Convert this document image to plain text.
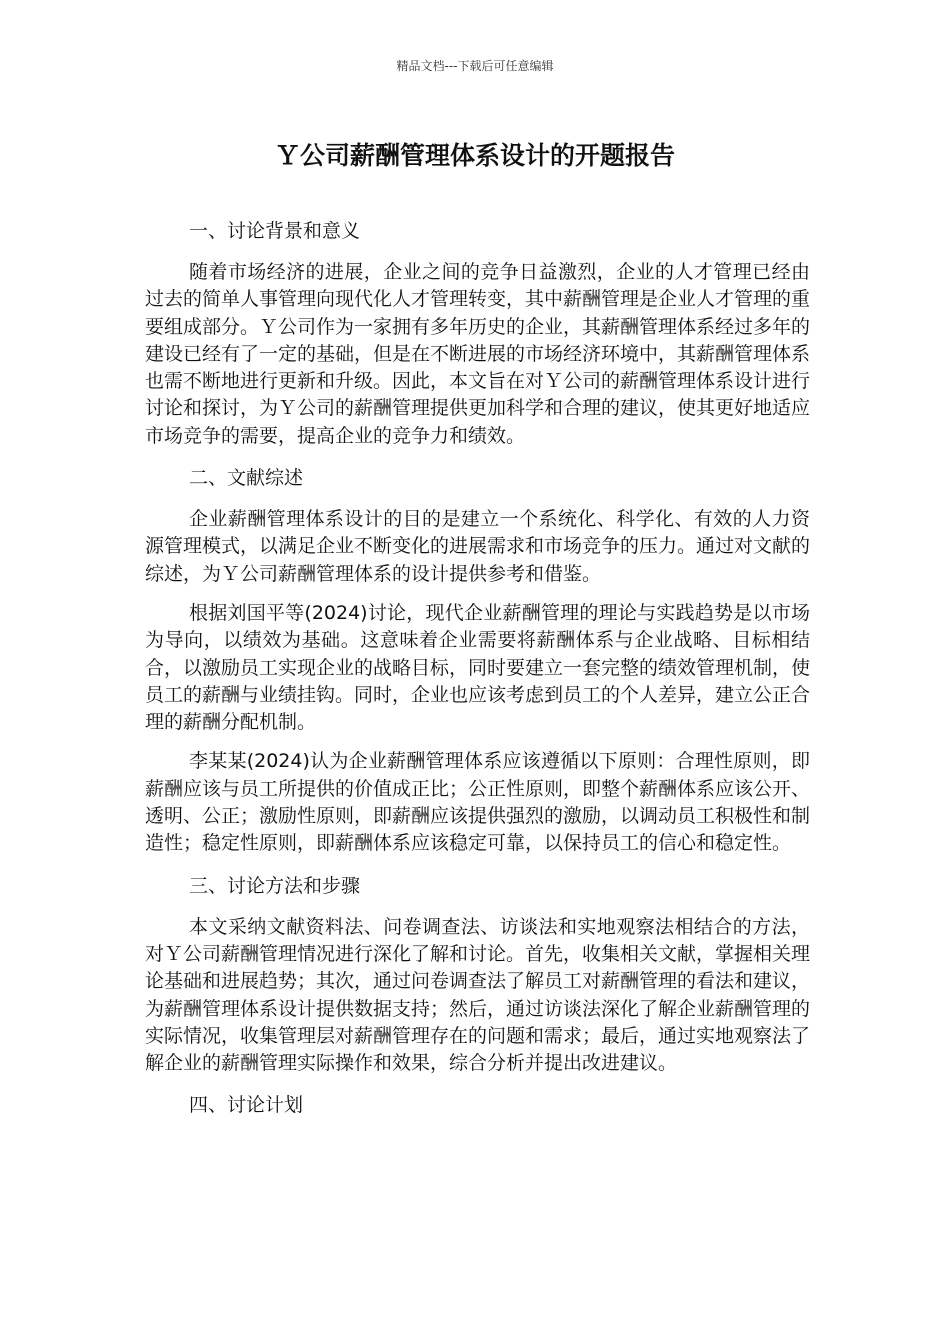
精品文档---下载后可任意编辑
Ｙ公司薪酬管理体系设计的开题报告

一、讨论背景和意义

随着市场经济的进展，企业之间的竞争日益激烈，企业的人才管理已经由过去的简单人事管理向现代化人才管理转变，其中薪酬管理是企业人才管理的重要组成部分。Ｙ公司作为一家拥有多年历史的企业，其薪酬管理体系经过多年的建设已经有了一定的基础，但是在不断进展的市场经济环境中，其薪酬管理体系也需不断地进行更新和升级。因此，本文旨在对Ｙ公司的薪酬管理体系设计进行讨论和探讨，为Ｙ公司的薪酬管理提供更加科学和合理的建议，使其更好地适应市场竞争的需要，提高企业的竞争力和绩效。

二、文献综述

企业薪酬管理体系设计的目的是建立一个系统化、科学化、有效的人力资源管理模式，以满足企业不断变化的进展需求和市场竞争的压力。通过对文献的综述，为Ｙ公司薪酬管理体系的设计提供参考和借鉴。

根据刘国平等(2024)讨论，现代企业薪酬管理的理论与实践趋势是以市场为导向，以绩效为基础。这意味着企业需要将薪酬体系与企业战略、目标相结合，以激励员工实现企业的战略目标，同时要建立一套完整的绩效管理机制，使员工的薪酬与业绩挂钩。同时，企业也应该考虑到员工的个人差异，建立公正合理的薪酬分配机制。

李某某(2024)认为企业薪酬管理体系应该遵循以下原则：合理性原则，即薪酬应该与员工所提供的价值成正比；公正性原则，即整个薪酬体系应该公开、透明、公正；激励性原则，即薪酬应该提供强烈的激励，以调动员工积极性和制造性；稳定性原则，即薪酬体系应该稳定可靠，以保持员工的信心和稳定性。

三、讨论方法和步骤

本文采纳文献资料法、问卷调查法、访谈法和实地观察法相结合的方法，对Ｙ公司薪酬管理情况进行深化了解和讨论。首先，收集相关文献，掌握相关理论基础和进展趋势；其次，通过问卷调查法了解员工对薪酬管理的看法和建议，为薪酬管理体系设计提供数据支持；然后，通过访谈法深化了解企业薪酬管理的实际情况，收集管理层对薪酬管理存在的问题和需求；最后，通过实地观察法了解企业的薪酬管理实际操作和效果，综合分析并提出改进建议。

四、讨论计划
